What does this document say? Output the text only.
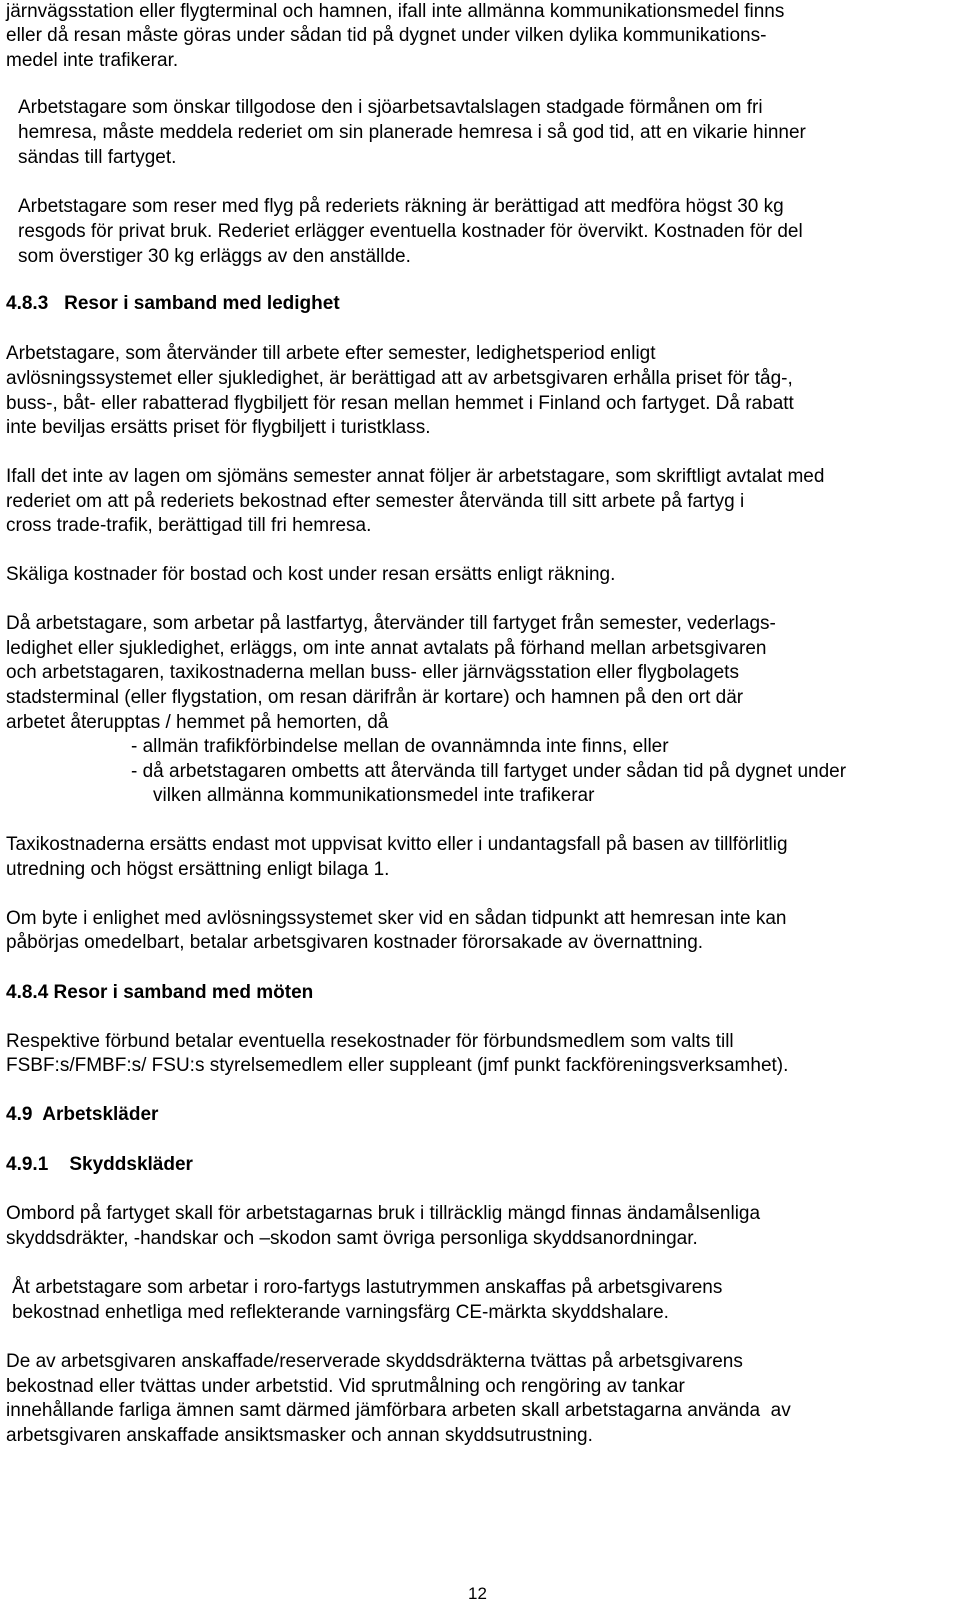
järnvägsstation eller flygterminal och hamnen, ifall inte allmänna kommunikationsmedel finns
eller då resan måste göras under sådan tid på dygnet under vilken dylika kommunikations-
medel inte trafikerar.
Arbetstagare som önskar tillgodose den i sjöarbetsavtalslagen stadgade förmånen om fri
hemresa, måste meddela rederiet om sin planerade hemresa i så god tid, att en vikarie hinner
sändas till fartyget.
Arbetstagare som reser med flyg på rederiets räkning är berättigad att medföra högst 30 kg
resgods för privat bruk. Rederiet erlägger eventuella kostnader för övervikt. Kostnaden för del
som överstiger 30 kg erläggs av den anställde.
4.8.3   Resor i samband med ledighet
Arbetstagare, som återvänder till arbete efter semester, ledighetsperiod enligt
avlösningssystemet eller sjukledighet, är berättigad att av arbetsgivaren erhålla priset för tåg-,
buss-, båt- eller rabatterad flygbiljett för resan mellan hemmet i Finland och fartyget. Då rabatt
inte beviljas ersätts priset för flygbiljett i turistklass.
Ifall det inte av lagen om sjömäns semester annat följer är arbetstagare, som skriftligt avtalat med
rederiet om att på rederiets bekostnad efter semester återvända till sitt arbete på fartyg i
cross trade-trafik, berättigad till fri hemresa.
Skäliga kostnader för bostad och kost under resan ersätts enligt räkning.
Då arbetstagare, som arbetar på lastfartyg, återvänder till fartyget från semester, vederlags-
ledighet eller sjukledighet, erläggs, om inte annat avtalats på förhand mellan arbetsgivaren
och arbetstagaren, taxikostnaderna mellan buss- eller järnvägsstation eller flygbolagets
stadsterminal (eller flygstation, om resan därifrån är kortare) och hamnen på den ort där
arbetet återupptas / hemmet på hemorten, då
- allmän trafikförbindelse mellan de ovannämnda inte finns, eller
- då arbetstagaren ombetts att återvända till fartyget under sådan tid på dygnet under
vilken allmänna kommunikationsmedel inte trafikerar
Taxikostnaderna ersätts endast mot uppvisat kvitto eller i undantagsfall på basen av tillförlitlig
utredning och högst ersättning enligt bilaga 1.
Om byte i enlighet med avlösningssystemet sker vid en sådan tidpunkt att hemresan inte kan
påbörjas omedelbart, betalar arbetsgivaren kostnader förorsakade av övernattning.
4.8.4 Resor i samband med möten
Respektive förbund betalar eventuella resekostnader för förbundsmedlem som valts till
FSBF:s/FMBF:s/ FSU:s styrelsemedlem eller suppleant (jmf punkt fackföreningsverksamhet).
4.9  Arbetskläder
4.9.1    Skyddskläder
Ombord på fartyget skall för arbetstagarnas bruk i tillräcklig mängd finnas ändamålsenliga
skyddsdräkter, -handskar och –skodon samt övriga personliga skyddsanordningar.
Åt arbetstagare som arbetar i roro-fartygs lastutrymmen anskaffas på arbetsgivarens
bekostnad enhetliga med reflekterande varningsfärg CE-märkta skyddshalare.
De av arbetsgivaren anskaffade/reserverade skyddsdräkterna tvättas på arbetsgivarens
bekostnad eller tvättas under arbetstid. Vid sprutmålning och rengöring av tankar
innehållande farliga ämnen samt därmed jämförbara arbeten skall arbetstagarna använda  av
arbetsgivaren anskaffade ansiktsmasker och annan skyddsutrustning.
12
